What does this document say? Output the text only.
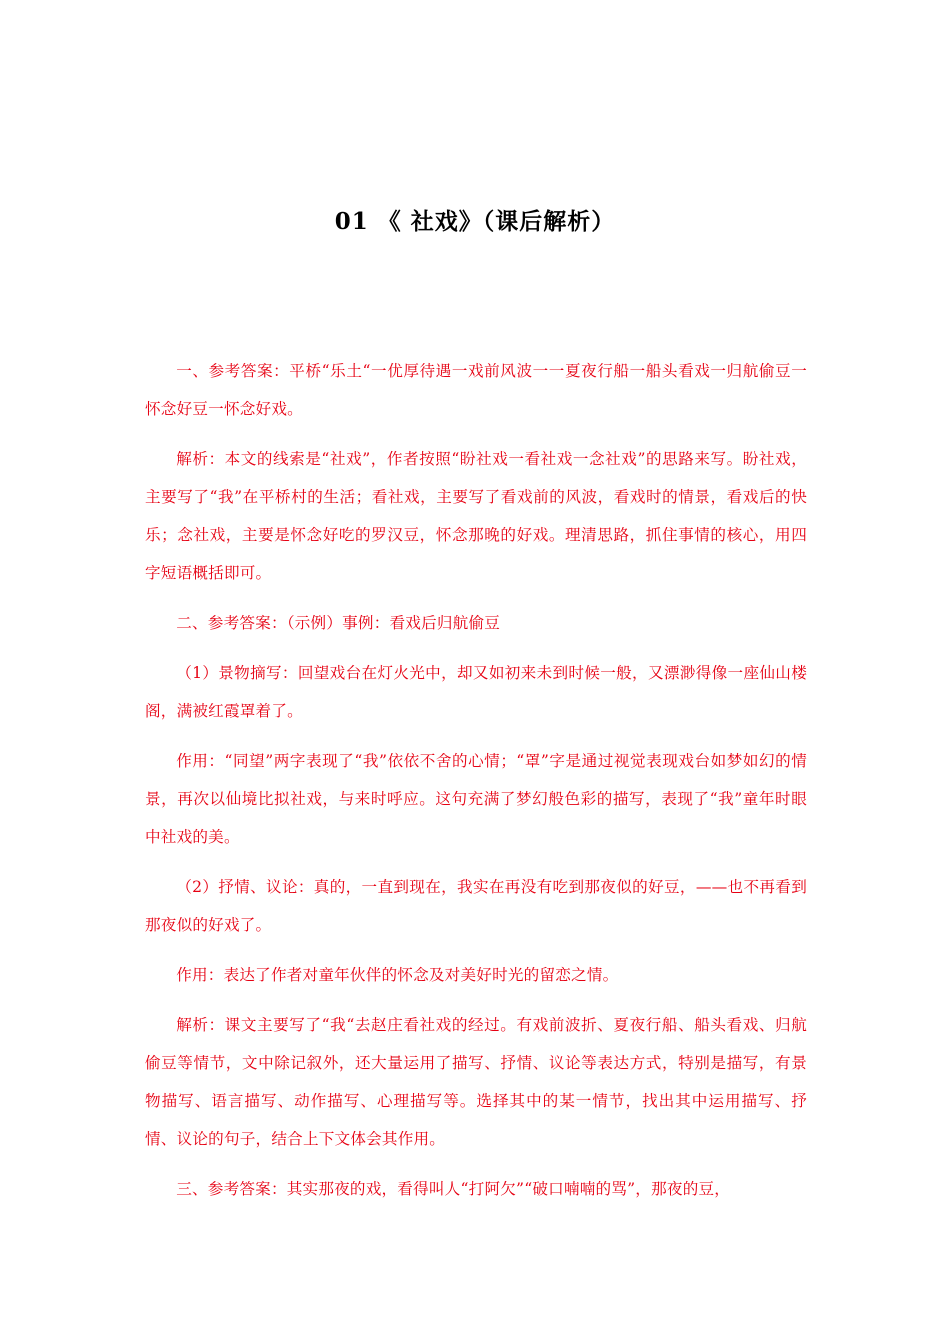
01 《 社戏》（课后解析）

一、参考答案：平桥“乐土“一优厚待遇一戏前风波一一夏夜行船一船头看戏一归航偷豆一怀念好豆一怀念好戏。

解析：本文的线索是“社戏”，作者按照“盼社戏一看社戏一念社戏”的思路来写。盼社戏，主要写了“我”在平桥村的生活；看社戏，主要写了看戏前的风波，看戏时的情景，看戏后的快乐；念社戏，主要是怀念好吃的罗汉豆，怀念那晚的好戏。理清思路，抓住事情的核心，用四字短语概括即可。

二、参考答案：（示例）事例：看戏后归航偷豆

（1）景物摘写：回望戏台在灯火光中，却又如初来未到时候一般，又漂渺得像一座仙山楼阁，满被红霞罩着了。

作用：“同望”两字表现了“我”依依不舍的心情；“罩”字是通过视觉表现戏台如梦如幻的情景，再次以仙境比拟社戏，与来时呼应。这句充满了梦幻般色彩的描写，表现了“我”童年时眼中社戏的美。

（2）抒情、议论：真的，一直到现在，我实在再没有吃到那夜似的好豆，——也不再看到那夜似的好戏了。

作用：表达了作者对童年伙伴的怀念及对美好时光的留恋之情。

解析：课文主要写了“我“去赵庄看社戏的经过。有戏前波折、夏夜行船、船头看戏、归航偷豆等情节，文中除记叙外，还大量运用了描写、抒情、议论等表达方式，特别是描写，有景物描写、语言描写、动作描写、心理描写等。选择其中的某一情节，找出其中运用描写、抒情、议论的句子，结合上下文体会其作用。

三、参考答案：其实那夜的戏，看得叫人“打阿欠”“破口喃喃的骂”，那夜的豆，
